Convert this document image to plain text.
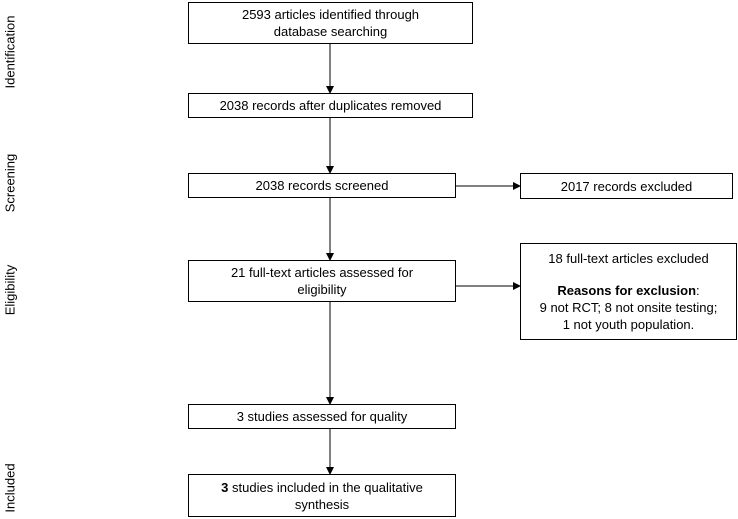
Identification
Screening
Eligibility
Included
2593 articles identified through database searching
2038 records after duplicates removed
2038 records screened	2017 records excluded
21 full-text articles assessed for eligibility
18 full-text articles excluded
Reasons for exclusion:
9 not RCT; 8 not onsite testing;
1 not youth population.
3 studies assessed for quality
3 studies included in the qualitative synthesis
